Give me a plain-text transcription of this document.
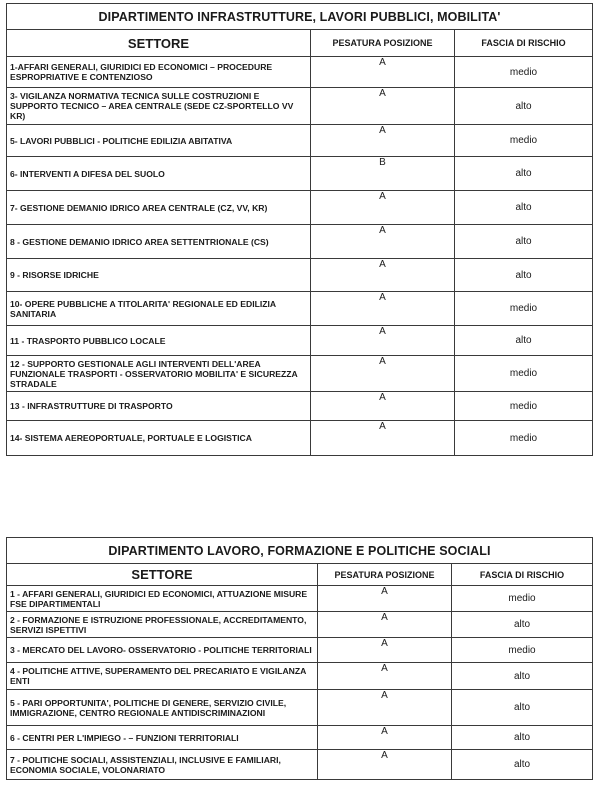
DIPARTIMENTO INFRASTRUTTURE, LAVORI PUBBLICI, MOBILITA'		
SETTORE	PESATURA POSIZIONE	FASCIA DI RISCHIO
1-AFFARI GENERALI, GIURIDICI ED ECONOMICI – PROCEDURE ESPROPRIATIVE E CONTENZIOSO	A	medio
3- VIGILANZA NORMATIVA TECNICA SULLE COSTRUZIONI E SUPPORTO TECNICO – AREA CENTRALE (SEDE CZ-SPORTELLO VV KR)	A	alto
5- LAVORI PUBBLICI - POLITICHE EDILIZIA ABITATIVA	A	medio
6- INTERVENTI A DIFESA DEL SUOLO	B	alto
7- GESTIONE DEMANIO IDRICO AREA CENTRALE (CZ, VV, KR)	A	alto
8 - GESTIONE DEMANIO IDRICO AREA SETTENTRIONALE (CS)	A	alto
9 - RISORSE IDRICHE	A	alto
10- OPERE PUBBLICHE A TITOLARITA' REGIONALE ED EDILIZIA SANITARIA	A	medio
11 - TRASPORTO PUBBLICO LOCALE	A	alto
12 - SUPPORTO GESTIONALE AGLI INTERVENTI DELL'AREA FUNZIONALE TRASPORTI - OSSERVATORIO MOBILITA' E SICUREZZA STRADALE	A	medio
13 - INFRASTRUTTURE DI TRASPORTO	A	medio
14- SISTEMA AEREOPORTUALE, PORTUALE E LOGISTICA	A	medio
DIPARTIMENTO LAVORO, FORMAZIONE E POLITICHE SOCIALI		
SETTORE	PESATURA POSIZIONE	FASCIA DI RISCHIO
1 - AFFARI GENERALI, GIURIDICI ED ECONOMICI, ATTUAZIONE MISURE FSE DIPARTIMENTALI	A	medio
2 - FORMAZIONE E ISTRUZIONE PROFESSIONALE, ACCREDITAMENTO, SERVIZI ISPETTIVI	A	alto
3 - MERCATO DEL LAVORO- OSSERVATORIO - POLITICHE TERRITORIALI	A	medio
4 - POLITICHE ATTIVE, SUPERAMENTO DEL PRECARIATO E VIGILANZA ENTI	A	alto
5 - PARI OPPORTUNITA', POLITICHE DI GENERE, SERVIZIO CIVILE, IMMIGRAZIONE, CENTRO REGIONALE ANTIDISCRIMINAZIONI	A	alto
6 - CENTRI PER L'IMPIEGO - – FUNZIONI TERRITORIALI	A	alto
7 - POLITICHE SOCIALI, ASSISTENZIALI, INCLUSIVE E FAMILIARI, ECONOMIA SOCIALE, VOLONARIATO	A	alto
